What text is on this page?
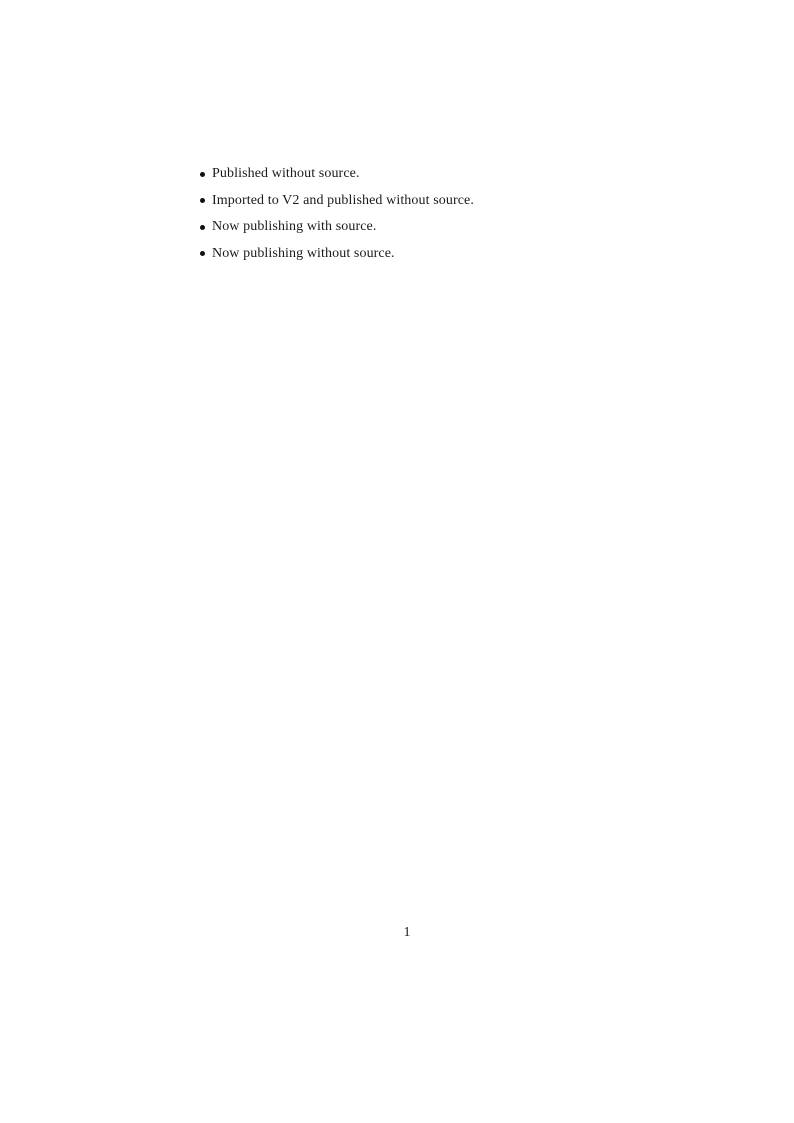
Published without source.
Imported to V2 and published without source.
Now publishing with source.
Now publishing without source.
1
